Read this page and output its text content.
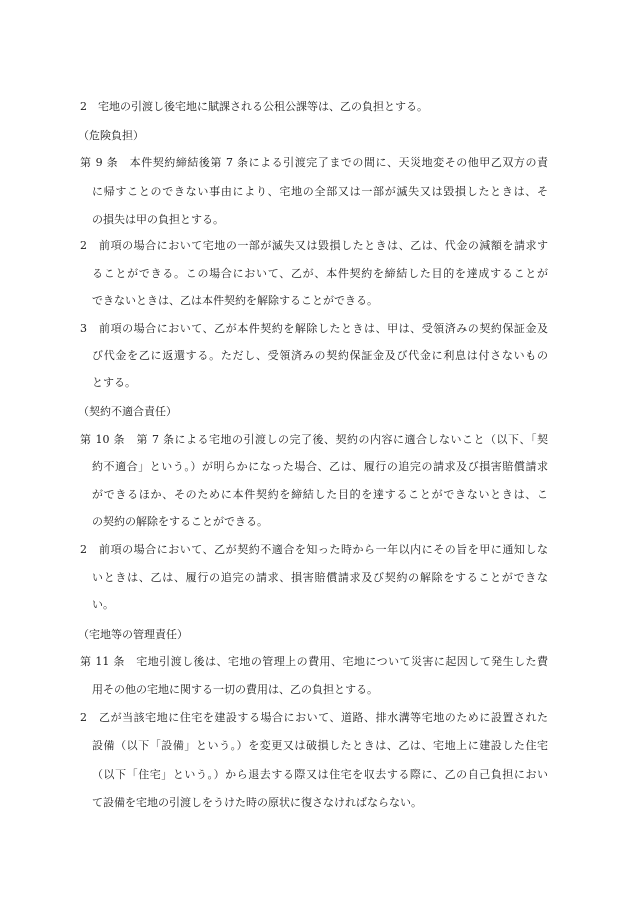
2　宅地の引渡し後宅地に賦課される公租公課等は、乙の負担とする。
（危険負担）
第 9 条　本件契約締結後第 7 条による引渡完了までの間に、天災地変その他甲乙双方の責
に帰すことのできない事由により、宅地の全部又は一部が滅失又は毀損したときは、そ
の損失は甲の負担とする。
2　前項の場合において宅地の一部が滅失又は毀損したときは、乙は、代金の減額を請求す
ることができる。この場合において、乙が、本件契約を締結した目的を達成することが
できないときは、乙は本件契約を解除することができる。
3　前項の場合において、乙が本件契約を解除したときは、甲は、受領済みの契約保証金及
び代金を乙に返還する。ただし、受領済みの契約保証金及び代金に利息は付さないもの
とする。
（契約不適合責任）
第 10 条　第 7 条による宅地の引渡しの完了後、契約の内容に適合しないこと（以下、「契
約不適合」という。）が明らかになった場合、乙は、履行の追完の請求及び損害賠償請求
ができるほか、そのために本件契約を締結した目的を達することができないときは、こ
の契約の解除をすることができる。
2　前項の場合において、乙が契約不適合を知った時から一年以内にその旨を甲に通知しな
いときは、乙は、履行の追完の請求、損害賠償請求及び契約の解除をすることができな
い。
（宅地等の管理責任）
第 11 条　宅地引渡し後は、宅地の管理上の費用、宅地について災害に起因して発生した費
用その他の宅地に関する一切の費用は、乙の負担とする。
2　乙が当該宅地に住宅を建設する場合において、道路、排水溝等宅地のために設置された
設備（以下「設備」という。）を変更又は破損したときは、乙は、宅地上に建設した住宅
（以下「住宅」という。）から退去する際又は住宅を収去する際に、乙の自己負担におい
て設備を宅地の引渡しをうけた時の原状に復さなければならない。
